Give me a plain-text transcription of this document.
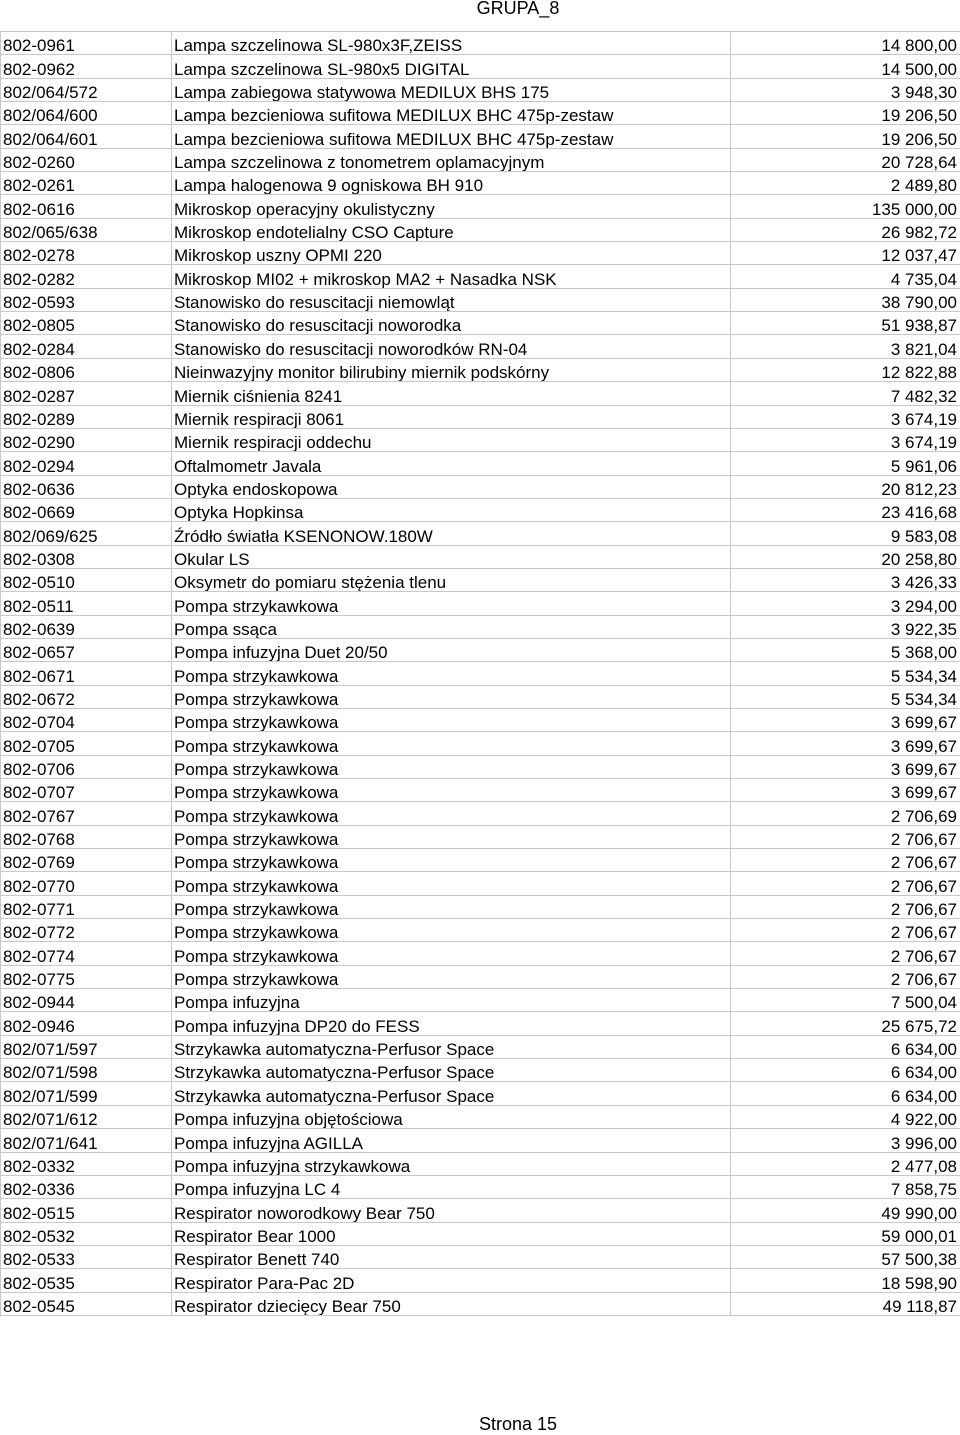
GRUPA_8
802-0961	Lampa szczelinowa SL-980x3F,ZEISS	14 800,00
802-0962	Lampa szczelinowa SL-980x5 DIGITAL	14 500,00
802/064/572	Lampa zabiegowa statywowa MEDILUX BHS 175	3 948,30
802/064/600	Lampa bezcieniowa sufitowa MEDILUX BHC 475p-zestaw	19 206,50
802/064/601	Lampa bezcieniowa sufitowa MEDILUX BHC 475p-zestaw	19 206,50
802-0260	Lampa szczelinowa z tonometrem oplamacyjnym	20 728,64
802-0261	Lampa halogenowa 9 ogniskowa BH 910	2 489,80
802-0616	Mikroskop operacyjny okulistyczny	135 000,00
802/065/638	Mikroskop endotelialny CSO Capture	26 982,72
802-0278	Mikroskop uszny OPMI 220	12 037,47
802-0282	Mikroskop MI02 + mikroskop MA2 + Nasadka NSK	4 735,04
802-0593	Stanowisko do resuscitacji niemowląt	38 790,00
802-0805	Stanowisko do resuscitacji noworodka	51 938,87
802-0284	Stanowisko do resuscitacji noworodków RN-04	3 821,04
802-0806	Nieinwazyjny monitor bilirubiny miernik podskórny	12 822,88
802-0287	Miernik ciśnienia 8241	7 482,32
802-0289	Miernik respiracji 8061	3 674,19
802-0290	Miernik respiracji oddechu	3 674,19
802-0294	Oftalmometr Javala	5 961,06
802-0636	Optyka endoskopowa	20 812,23
802-0669	Optyka Hopkinsa	23 416,68
802/069/625	Źródło światła KSENONOW.180W	9 583,08
802-0308	Okular LS	20 258,80
802-0510	Oksymetr do pomiaru stężenia tlenu	3 426,33
802-0511	Pompa strzykawkowa	3 294,00
802-0639	Pompa ssąca	3 922,35
802-0657	Pompa infuzyjna Duet 20/50	5 368,00
802-0671	Pompa strzykawkowa	5 534,34
802-0672	Pompa strzykawkowa	5 534,34
802-0704	Pompa strzykawkowa	3 699,67
802-0705	Pompa strzykawkowa	3 699,67
802-0706	Pompa strzykawkowa	3 699,67
802-0707	Pompa strzykawkowa	3 699,67
802-0767	Pompa strzykawkowa	2 706,69
802-0768	Pompa strzykawkowa	2 706,67
802-0769	Pompa strzykawkowa	2 706,67
802-0770	Pompa strzykawkowa	2 706,67
802-0771	Pompa strzykawkowa	2 706,67
802-0772	Pompa strzykawkowa	2 706,67
802-0774	Pompa strzykawkowa	2 706,67
802-0775	Pompa strzykawkowa	2 706,67
802-0944	Pompa infuzyjna	7 500,04
802-0946	Pompa infuzyjna DP20 do FESS	25 675,72
802/071/597	Strzykawka automatyczna-Perfusor Space	6 634,00
802/071/598	Strzykawka automatyczna-Perfusor Space	6 634,00
802/071/599	Strzykawka automatyczna-Perfusor Space	6 634,00
802/071/612	Pompa infuzyjna objętościowa	4 922,00
802/071/641	Pompa infuzyjna AGILLA	3 996,00
802-0332	Pompa infuzyjna strzykawkowa	2 477,08
802-0336	Pompa infuzyjna LC 4	7 858,75
802-0515	Respirator noworodkowy Bear 750	49 990,00
802-0532	Respirator Bear 1000	59 000,01
802-0533	Respirator Benett 740	57 500,38
802-0535	Respirator Para-Pac 2D	18 598,90
802-0545	Respirator dziecięcy Bear 750	49 118,87
Strona 15
